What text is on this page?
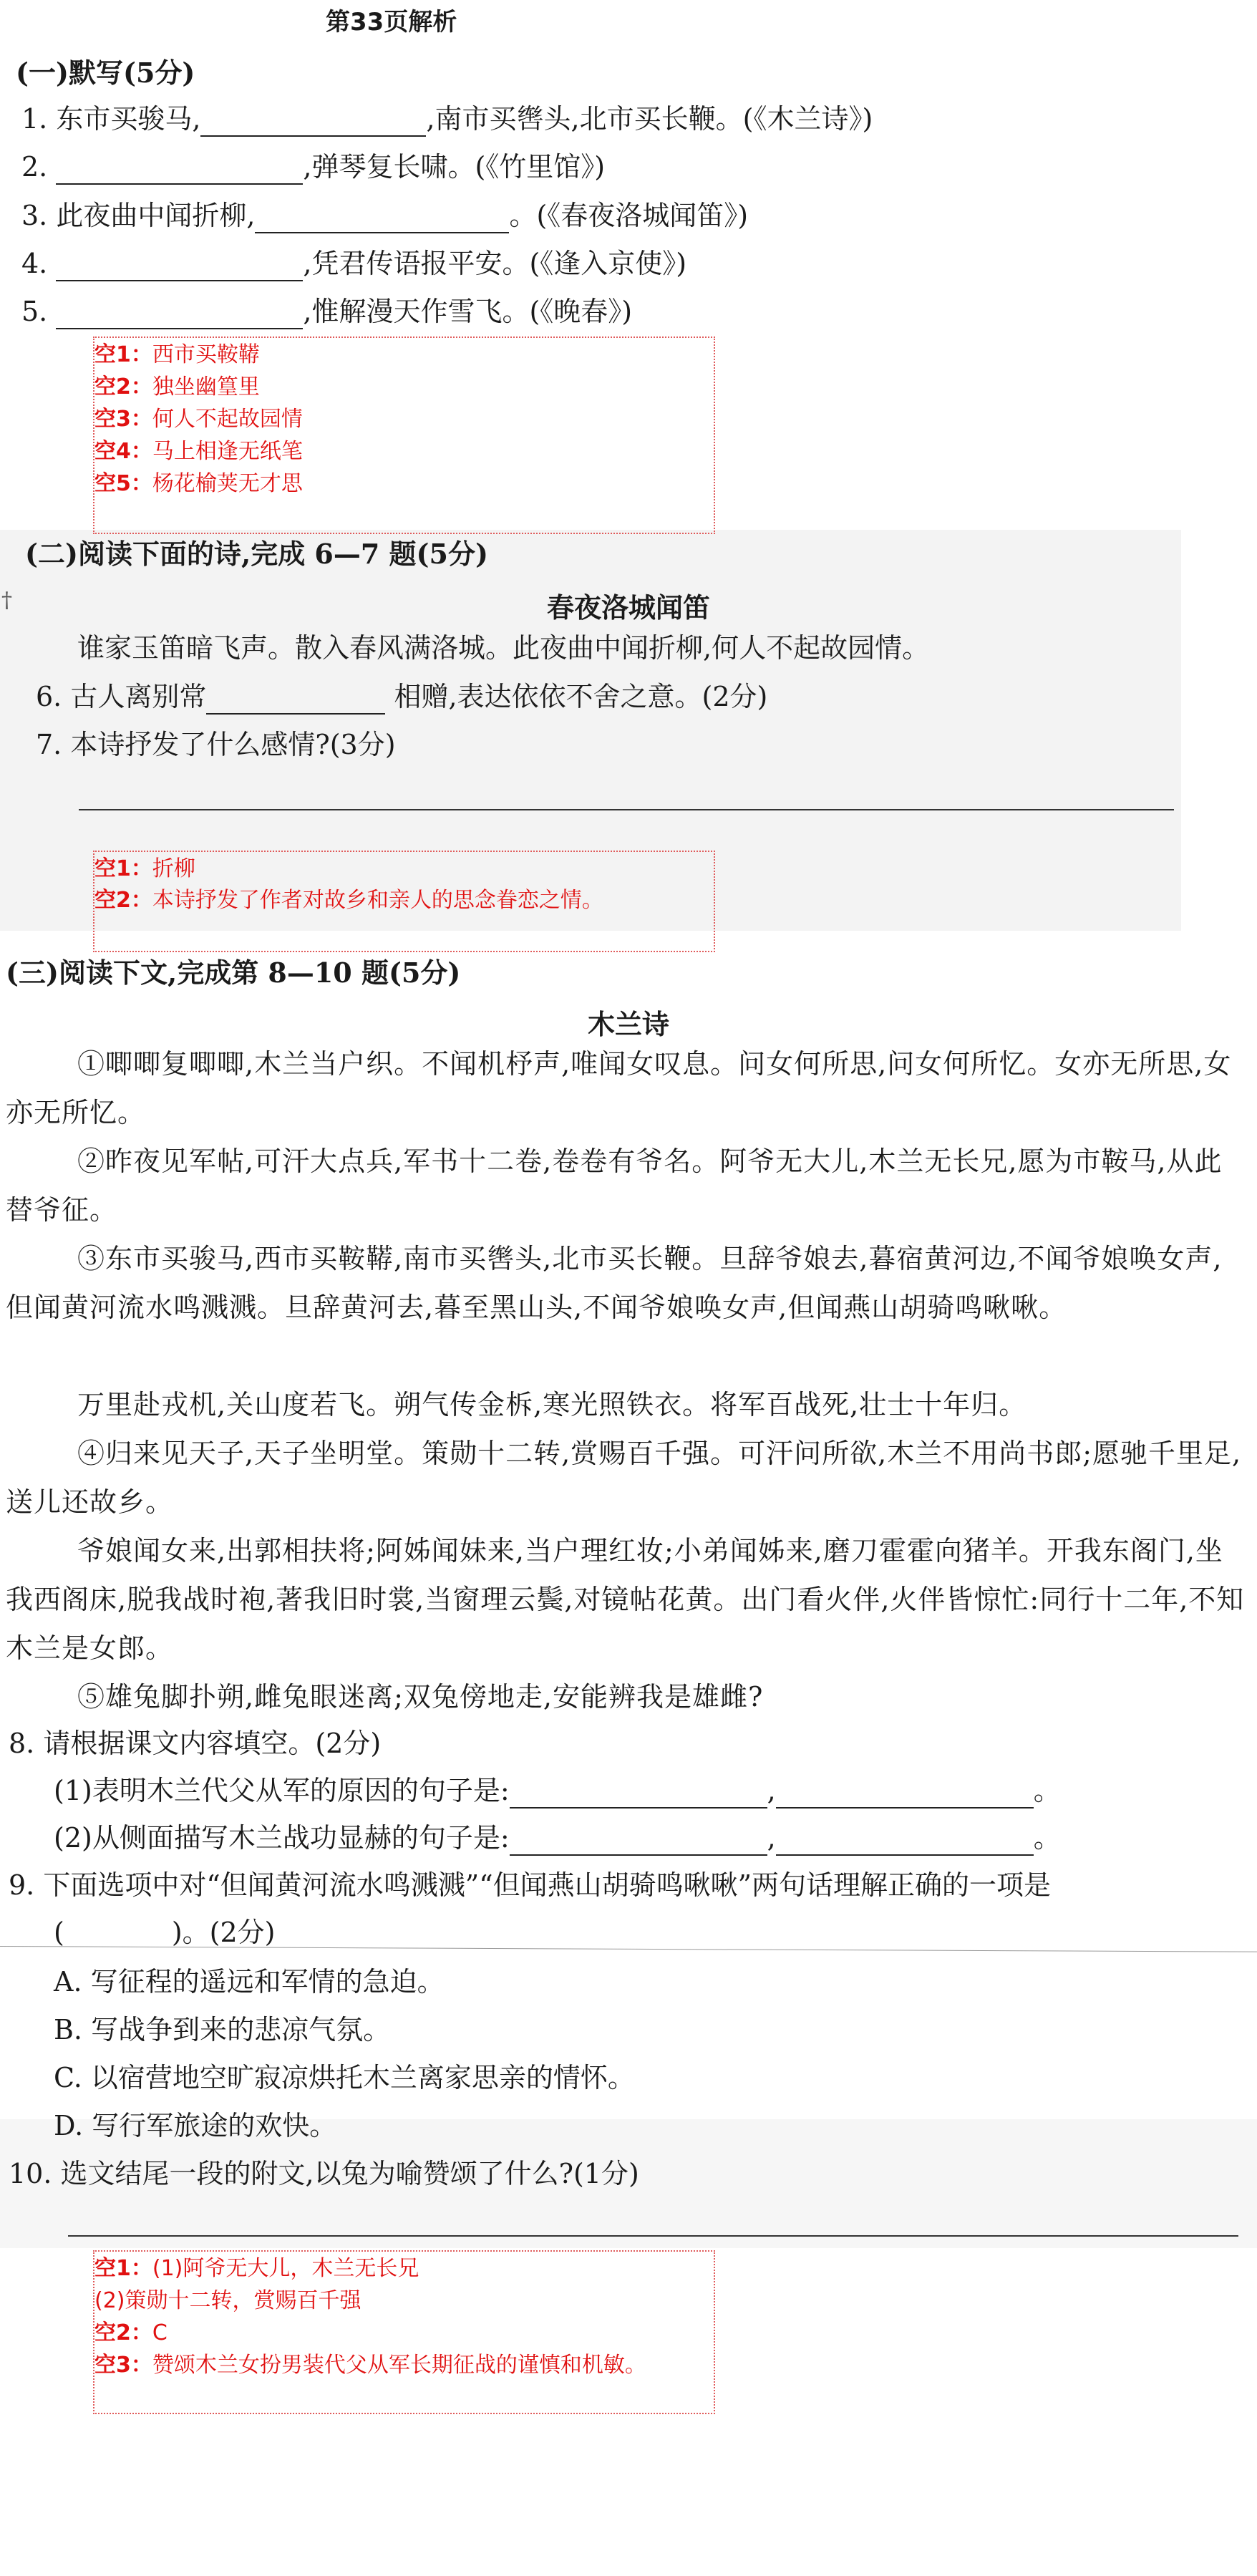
第33页解析
(一)默写(5分)
1. 东市买骏马,	,南市买辔头,北市买长鞭。(《木兰诗》)
2.	,弹琴复长啸。(《竹里馆》)
3. 此夜曲中闻折柳,	。(《春夜洛城闻笛》)
4.	,凭君传语报平安。(《逢入京使》)
5.	,惟解漫天作雪飞。(《晚春》)
空1：西市买鞍鞯
空2：独坐幽篁里
空3：何人不起故园情
空4：马上相逢无纸笔
空5：杨花榆荚无才思
(二)阅读下面的诗,完成 6—7 题(5分)
†	春夜洛城闻笛
谁家玉笛暗飞声。散入春风满洛城。此夜曲中闻折柳,何人不起故园情。
6. 古人离别常	相赠,表达依依不舍之意。(2分)
7. 本诗抒发了什么感情?(3分)
空1：折柳
空2：本诗抒发了作者对故乡和亲人的思念眷恋之情。
(三)阅读下文,完成第 8—10 题(5分)
木兰诗
①唧唧复唧唧,木兰当户织。不闻机杼声,唯闻女叹息。问女何所思,问女何所忆。女亦无所思,女亦无所忆。
②昨夜见军帖,可汗大点兵,军书十二卷,卷卷有爷名。阿爷无大儿,木兰无长兄,愿为市鞍马,从此替爷征。
③东市买骏马,西市买鞍鞯,南市买辔头,北市买长鞭。旦辞爷娘去,暮宿黄河边,不闻爷娘唤女声,但闻黄河流水鸣溅溅。旦辞黄河去,暮至黑山头,不闻爷娘唤女声,但闻燕山胡骑鸣啾啾。
万里赴戎机,关山度若飞。朔气传金柝,寒光照铁衣。将军百战死,壮士十年归。
④归来见天子,天子坐明堂。策勋十二转,赏赐百千强。可汗问所欲,木兰不用尚书郎;愿驰千里足,送儿还故乡。
爷娘闻女来,出郭相扶将;阿姊闻妹来,当户理红妆;小弟闻姊来,磨刀霍霍向猪羊。开我东阁门,坐我西阁床,脱我战时袍,著我旧时裳,当窗理云鬓,对镜帖花黄。出门看火伴,火伴皆惊忙:同行十二年,不知木兰是女郎。
⑤雄兔脚扑朔,雌兔眼迷离;双兔傍地走,安能辨我是雄雌?
8. 请根据课文内容填空。(2分)
(1)表明木兰代父从军的原因的句子是:	,	。
(2)从侧面描写木兰战功显赫的句子是:	,	。
9. 下面选项中对“但闻黄河流水鸣溅溅”“但闻燕山胡骑鸣啾啾”两句话理解正确的一项是
(	)。(2分)
A. 写征程的遥远和军情的急迫。
B. 写战争到来的悲凉气氛。
C. 以宿营地空旷寂凉烘托木兰离家思亲的情怀。
D. 写行军旅途的欢快。
10. 选文结尾一段的附文,以兔为喻赞颂了什么?(1分)
空1：(1)阿爷无大儿，木兰无长兄
(2)策勋十二转，赏赐百千强
空2：C
空3：赞颂木兰女扮男装代父从军长期征战的谨慎和机敏。
